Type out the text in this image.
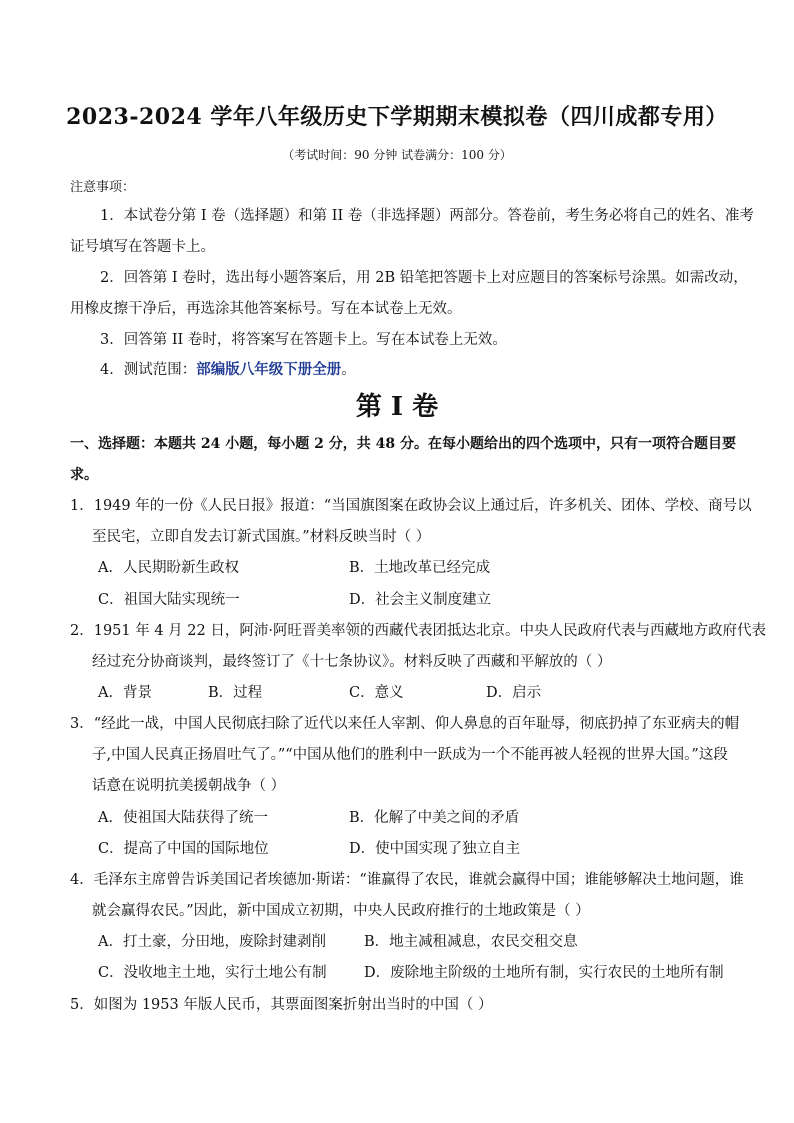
2023-2024 学年八年级历史下学期期末模拟卷（四川成都专用）
（考试时间：90 分钟 试卷满分：100 分）
注意事项：
1．本试卷分第 I 卷（选择题）和第 II 卷（非选择题）两部分。答卷前，考生务必将自己的姓名、准考
证号填写在答题卡上。
2．回答第 I 卷时，选出每小题答案后，用 2B 铅笔把答题卡上对应题目的答案标号涂黑。如需改动，
用橡皮擦干净后，再选涂其他答案标号。写在本试卷上无效。
3．回答第 II 卷时，将答案写在答题卡上。写在本试卷上无效。
4．测试范围：部编版八年级下册全册。
第 I 卷
一、选择题：本题共 24 小题，每小题 2 分，共 48 分。在每小题给出的四个选项中，只有一项符合题目要
求。
1．1949 年的一份《人民日报》报道：“当国旗图案在政协会议上通过后，许多机关、团体、学校、商号以
至民宅，立即自发去订新式国旗。”材料反映当时（ ）
A．人民期盼新生政权	B．土地改革已经完成
C．祖国大陆实现统一	D．社会主义制度建立
2．1951 年 4 月 22 日，阿沛·阿旺晋美率领的西藏代表团抵达北京。中央人民政府代表与西藏地方政府代表
经过充分协商谈判，最终签订了《十七条协议》。材料反映了西藏和平解放的（ ）
A．背景	B．过程	C．意义	D．启示
3．“经此一战，中国人民彻底扫除了近代以来任人宰割、仰人鼻息的百年耻辱，彻底扔掉了东亚病夫的帽
子,中国人民真正扬眉吐气了。”“中国从他们的胜利中一跃成为一个不能再被人轻视的世界大国。”这段
话意在说明抗美援朝战争（ ）
A．使祖国大陆获得了统一	B．化解了中美之间的矛盾
C．提高了中国的国际地位	D．使中国实现了独立自主
4．毛泽东主席曾告诉美国记者埃德加·斯诺：“谁赢得了农民，谁就会赢得中国；谁能够解决土地问题，谁
就会赢得农民。”因此，新中国成立初期，中央人民政府推行的土地政策是（ ）
A．打土豪，分田地，废除封建剥削	B．地主减租减息，农民交租交息
C．没收地主土地，实行土地公有制	D．废除地主阶级的土地所有制，实行农民的土地所有制
5．如图为 1953 年版人民币，其票面图案折射出当时的中国（ ）
